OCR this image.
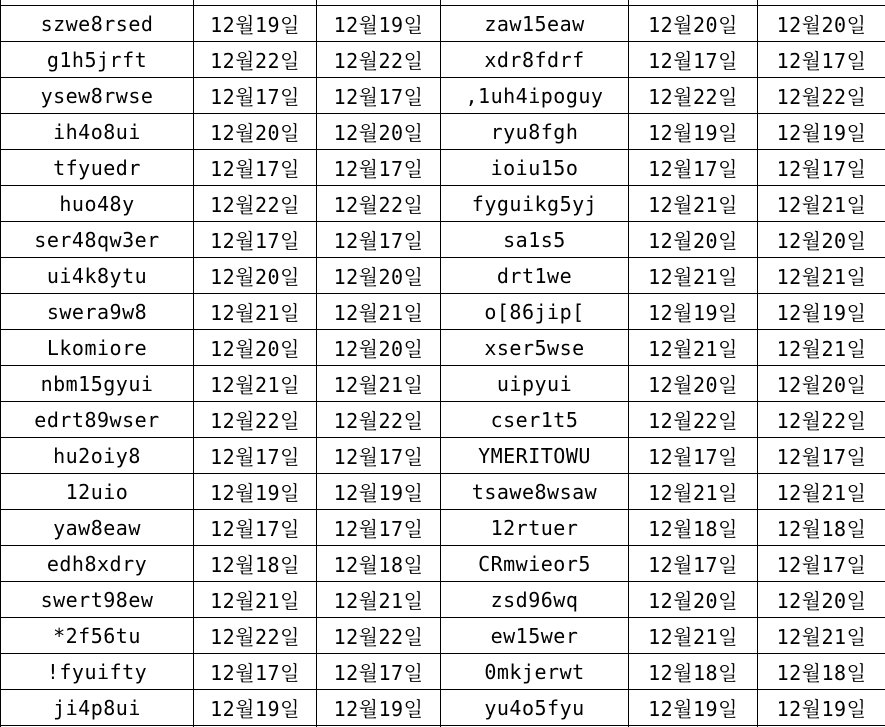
szwe8rsed	12월19일	12월19일	zaw15eaw	12월20일	12월20일
g1h5jrft	12월22일	12월22일	xdr8fdrf	12월17일	12월17일
ysew8rwse	12월17일	12월17일	,1uh4ipoguy	12월22일	12월22일
ih4o8ui	12월20일	12월20일	ryu8fgh	12월19일	12월19일
tfyuedr	12월17일	12월17일	ioiu15o	12월17일	12월17일
huo48y	12월22일	12월22일	fyguikg5yj	12월21일	12월21일
ser48qw3er	12월17일	12월17일	sa1s5	12월20일	12월20일
ui4k8ytu	12월20일	12월20일	drt1we	12월21일	12월21일
swera9w8	12월21일	12월21일	o[86jip[	12월19일	12월19일
Lkomiore	12월20일	12월20일	xser5wse	12월21일	12월21일
nbm15gyui	12월21일	12월21일	uipyui	12월20일	12월20일
edrt89wser	12월22일	12월22일	cser1t5	12월22일	12월22일
hu2oiy8	12월17일	12월17일	YMERITOWU	12월17일	12월17일
12uio	12월19일	12월19일	tsawe8wsaw	12월21일	12월21일
yaw8eaw	12월17일	12월17일	12rtuer	12월18일	12월18일
edh8xdry	12월18일	12월18일	CRmwieor5	12월17일	12월17일
swert98ew	12월21일	12월21일	zsd96wq	12월20일	12월20일
*2f56tu	12월22일	12월22일	ew15wer	12월21일	12월21일
!fyuifty	12월17일	12월17일	0mkjerwt	12월18일	12월18일
ji4p8ui	12월19일	12월19일	yu4o5fyu	12월19일	12월19일
